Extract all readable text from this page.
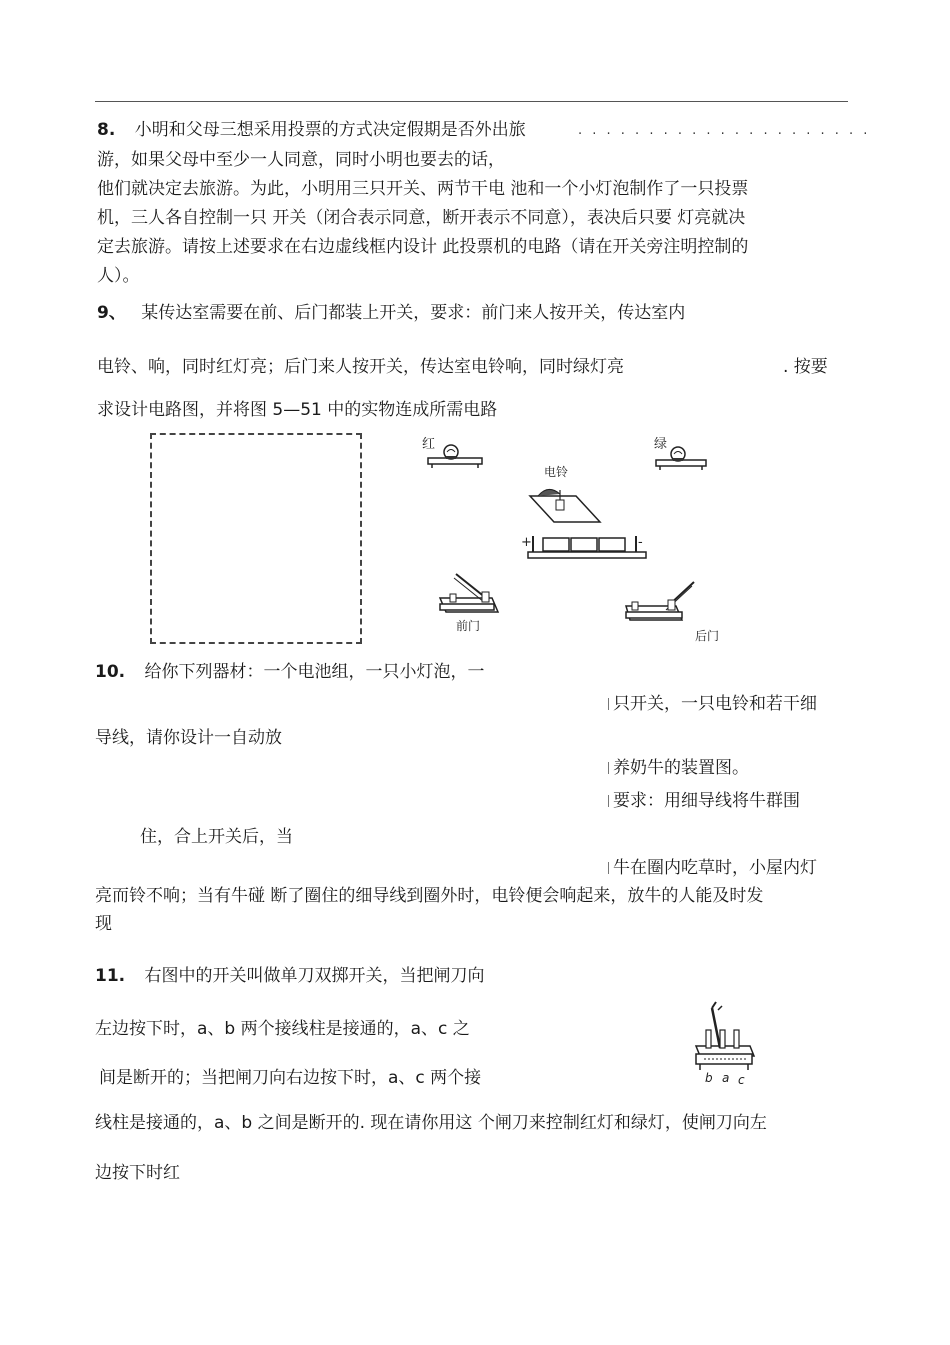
8. 小明和父母三想采用投票的方式决定假期是否外出旅	. . . . . . . . . . . . . . . . . . . . .
游，如果父母中至少一人同意，同时小明也要去的话，
他们就决定去旅游。为此，小明用三只开关、两节干电 池和一个小灯泡制作了一只投票
机，三人各自控制一只 开关（闭合表示同意，断开表示不同意），表决后只要 灯亮就决
定去旅游。请按上述要求在右边虚线框内设计 此投票机的电路（请在开关旁注明控制的
人）。
9、 某传达室需要在前、后门都装上开关，要求：前门来人按开关，传达室内
电铃、响，同时红灯亮；后门来人按开关，传达室电铃响，同时绿灯亮	. 按要
求设计电路图，并将图 5—51 中的实物连成所需电路
红	绿
电铃
+	-
前门
后门
10. 给你下列器材：一个电池组，一只小灯泡，一
只开关，一只电铃和若干细
导线，请你设计一自动放
养奶牛的装置图。
要求：用细导线将牛群围
住，合上开关后，当
牛在圈内吃草时，小屋内灯
亮而铃不响；当有牛碰 断了圈住的细导线到圈外时，电铃便会响起来，放牛的人能及时发
现
11. 右图中的开关叫做单刀双掷开关，当把闸刀向
左边按下时，a、b 两个接线柱是接通的，a、c 之
间是断开的；当把闸刀向右边按下时，a、c 两个接
线柱是接通的，a、b 之间是断开的. 现在请你用这 个闸刀来控制红灯和绿灯，使闸刀向左
边按下时红
b a c
